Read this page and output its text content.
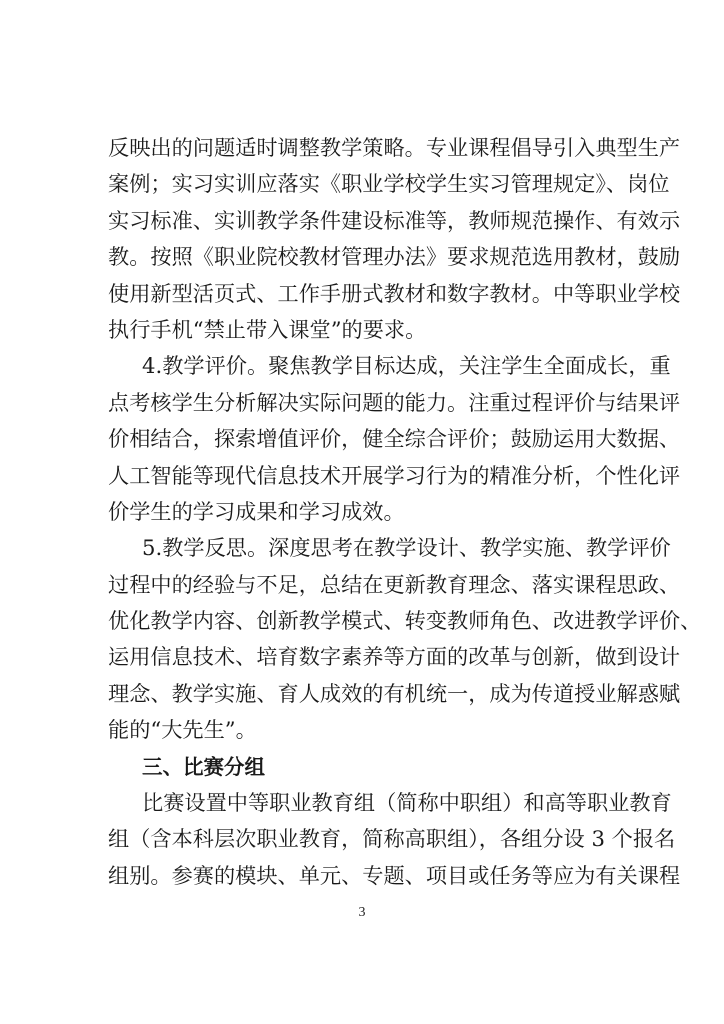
反映出的问题适时调整教学策略。专业课程倡导引入典型生产
案例；实习实训应落实《职业学校学生实习管理规定》、岗位
实习标准、实训教学条件建设标准等，教师规范操作、有效示
教。按照《职业院校教材管理办法》要求规范选用教材，鼓励
使用新型活页式、工作手册式教材和数字教材。中等职业学校
执行手机“禁止带入课堂”的要求。
4.教学评价。聚焦教学目标达成，关注学生全面成长，重
点考核学生分析解决实际问题的能力。注重过程评价与结果评
价相结合，探索增值评价，健全综合评价；鼓励运用大数据、
人工智能等现代信息技术开展学习行为的精准分析，个性化评
价学生的学习成果和学习成效。
5.教学反思。深度思考在教学设计、教学实施、教学评价
过程中的经验与不足，总结在更新教育理念、落实课程思政、
优化教学内容、创新教学模式、转变教师角色、改进教学评价、
运用信息技术、培育数字素养等方面的改革与创新，做到设计
理念、教学实施、育人成效的有机统一，成为传道授业解惑赋
能的“大先生”。
三、比赛分组
比赛设置中等职业教育组（简称中职组）和高等职业教育
组（含本科层次职业教育，简称高职组），各组分设 3 个报名
组别。参赛的模块、单元、专题、项目或任务等应为有关课程
3
